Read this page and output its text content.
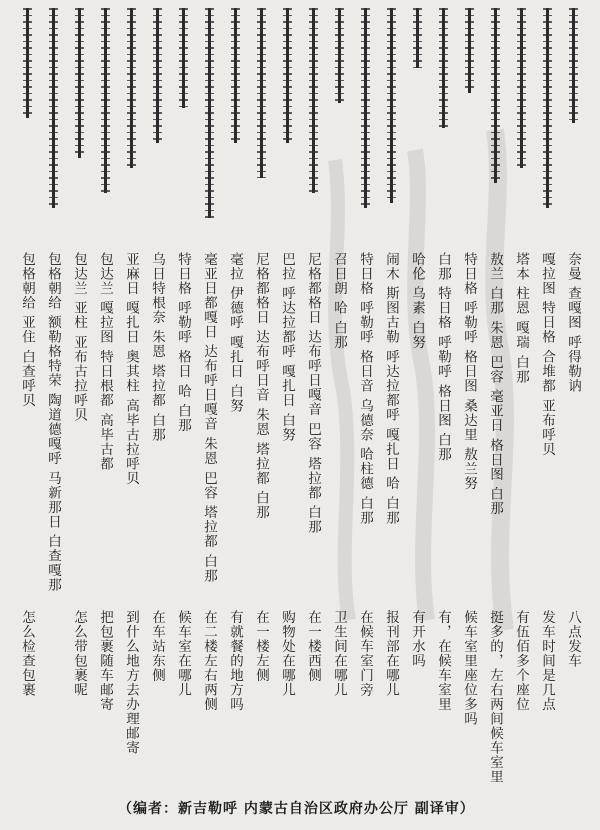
奈曼 查嘎图 呼得勒讷
嘎拉图 特日格 合堆都 亚布呼贝
塔本 柱恩 嘎瑞 白那
敖兰 白那 朱恩 巴容 毫亚日 格日图 白那
特日格 呼勒呼 格日图 桑达里 敖兰努
白那 特日格 呼勒呼 格日图 白那
哈伦 乌素 白努
闹木 斯图古勒 呼达拉都呼 嘎扎日 哈 白那
特日格 呼勒呼 格日音 乌德奈 哈柱德 白那
召日朗 哈 白那
尼格都格日 达布呼日嘎音 巴容 塔拉都 白那
巴拉 呼达拉都呼 嘎扎日 白努
尼格都格日 达布呼日音 朱恩 塔拉都 白那
毫拉 伊德呼 嘎扎日 白努
毫亚日都嘎日 达布呼日嘎音 朱恩 巴容 塔拉都 白那
特日格 呼勒呼 格日 哈 白那
乌日特根奈 朱恩 塔拉都 白那
亚麻日 嘎扎日 奥其柱 高毕古拉呼贝
包达兰 嘎拉图 特日根都 高毕古都
包达兰 亚柱 亚布古拉呼贝
包格朝给 额勒格特荣 陶道德嘎呼 马新那日 白查嘎那
包格朝给 亚住 白查呼贝
八点发车
发车时间是几点
有伍佰多个座位
挺多的，左右两间候车室里
候车室里座位多吗
有，在候车室里
有开水吗
报刊部在哪儿
在候车室门旁
卫生间在哪儿
在一楼西侧
购物处在哪儿
在一楼左侧
有就餐的地方吗
在二楼左右两侧
候车室在哪儿
在车站东侧
到什么地方去办理邮寄
把包裹随车邮寄
怎么带包裹呢
怎么检查包裹
（编者：新吉勒呼 内蒙古自治区政府办公厅 副译审）
